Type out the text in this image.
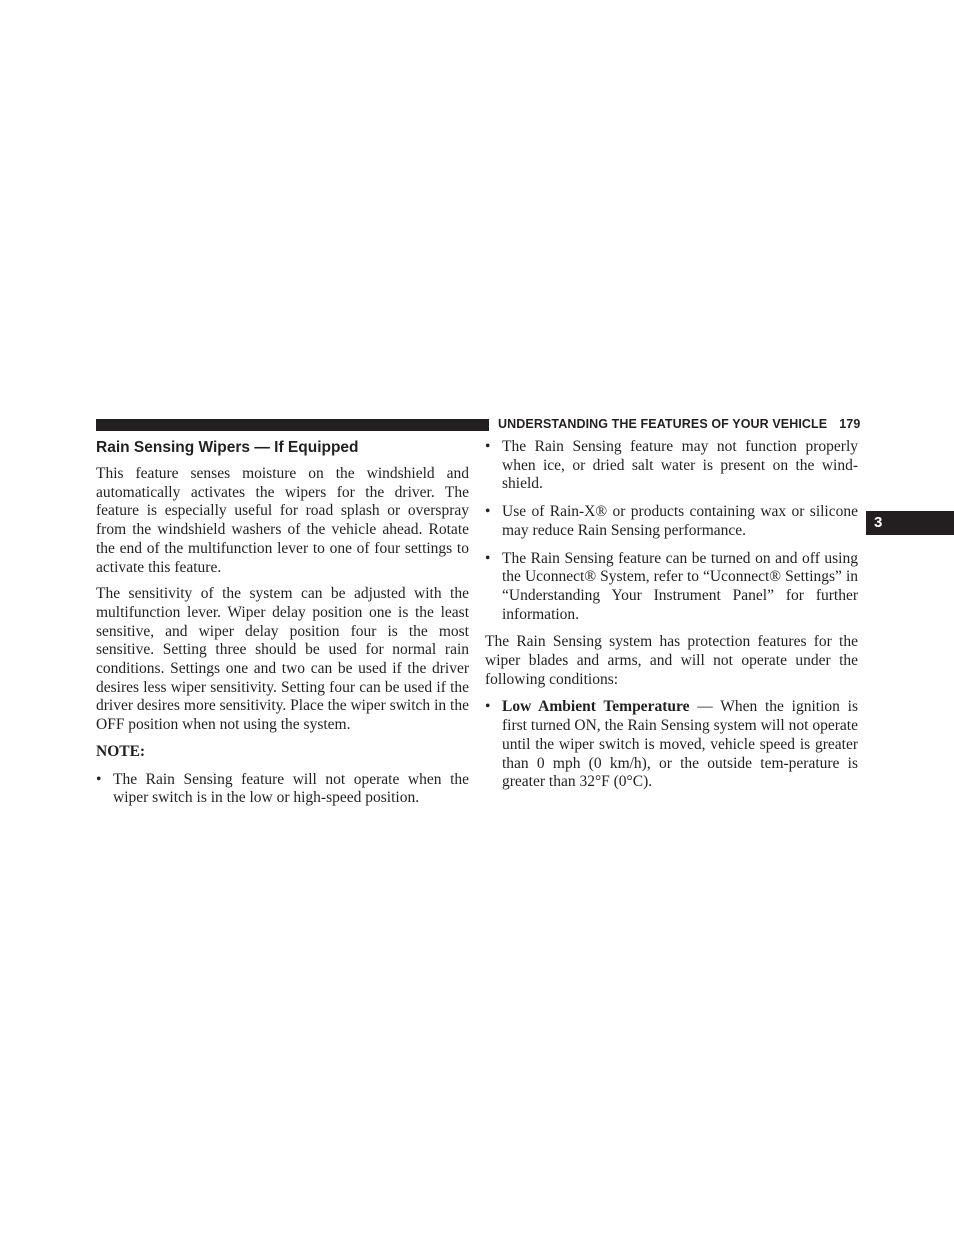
UNDERSTANDING THE FEATURES OF YOUR VEHICLE 179
3
Rain Sensing Wipers — If Equipped

This feature senses moisture on the windshield and automatically activates the wipers for the driver. The feature is especially useful for road splash or overspray from the windshield washers of the vehicle ahead. Rotate the end of the multifunction lever to one of four settings to activate this feature.

The sensitivity of the system can be adjusted with the multifunction lever. Wiper delay position one is the least sensitive, and wiper delay position four is the most sensitive. Setting three should be used for normal rain conditions. Settings one and two can be used if the driver desires less wiper sensitivity. Setting four can be used if the driver desires more sensitivity. Place the wiper switch in the OFF position when not using the system.

NOTE:

• The Rain Sensing feature will not operate when the wiper switch is in the low or high-speed position.
• The Rain Sensing feature may not function properly when ice, or dried salt water is present on the wind-shield.
• Use of Rain-X® or products containing wax or silicone may reduce Rain Sensing performance.
• The Rain Sensing feature can be turned on and off using the Uconnect® System, refer to “Uconnect® Settings” in “Understanding Your Instrument Panel” for further information.

The Rain Sensing system has protection features for the wiper blades and arms, and will not operate under the following conditions:

• Low Ambient Temperature — When the ignition is first turned ON, the Rain Sensing system will not operate until the wiper switch is moved, vehicle speed is greater than 0 mph (0 km/h), or the outside tem-perature is greater than 32°F (0°C).
